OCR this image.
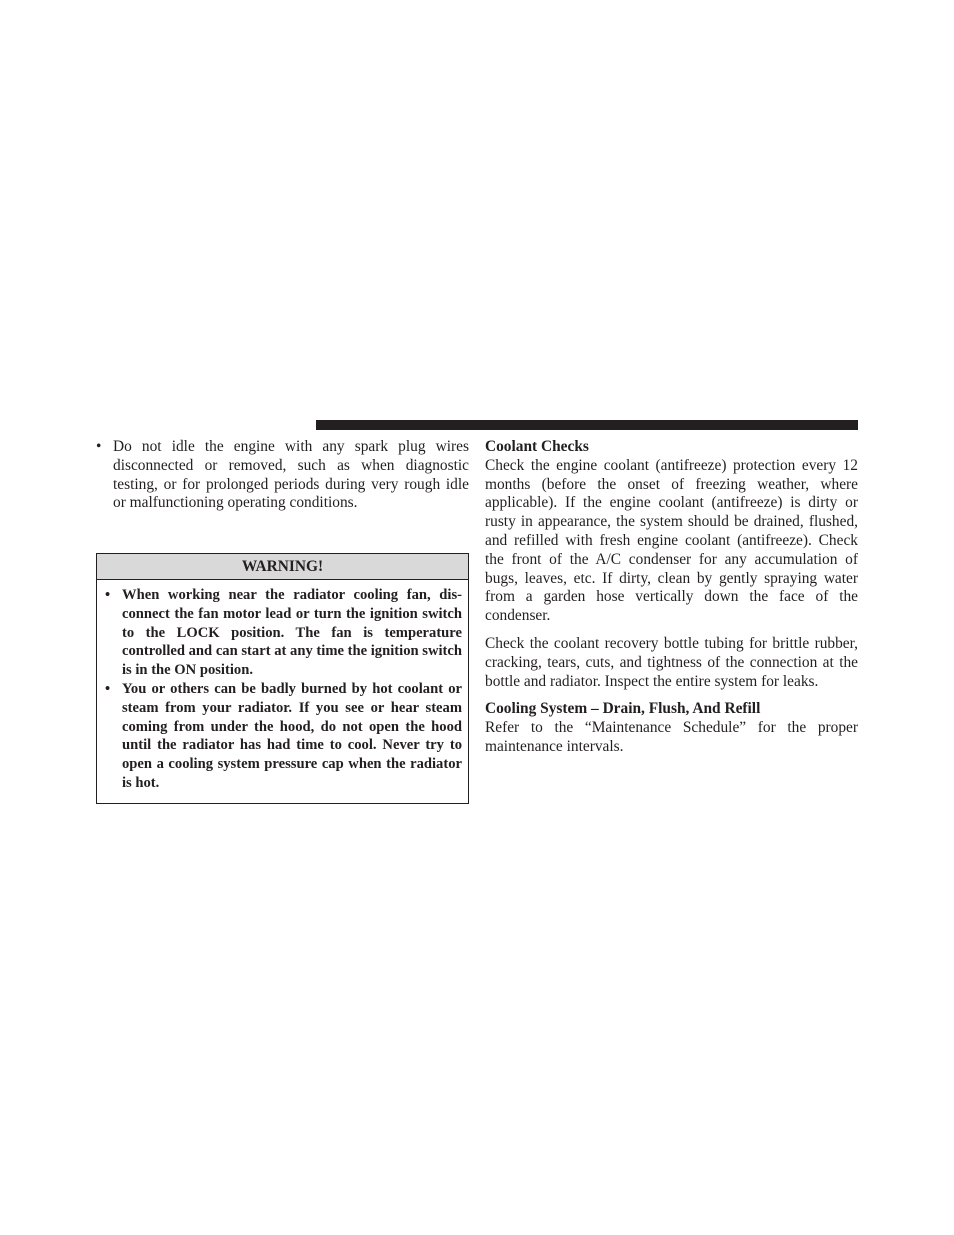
• Do not idle the engine with any spark plug wires disconnected or removed, such as when diagnostic testing, or for prolonged periods during very rough idle or malfunctioning operating conditions.
WARNING!
• When working near the radiator cooling fan, disconnect the fan motor lead or turn the ignition switch to the LOCK position. The fan is temperature controlled and can start at any time the ignition switch is in the ON position.
• You or others can be badly burned by hot coolant or steam from your radiator. If you see or hear steam coming from under the hood, do not open the hood until the radiator has had time to cool. Never try to open a cooling system pressure cap when the radiator is hot.
Coolant Checks

Check the engine coolant (antifreeze) protection every 12 months (before the onset of freezing weather, where applicable). If the engine coolant (antifreeze) is dirty or rusty in appearance, the system should be drained, flushed, and refilled with fresh engine coolant (antifreeze). Check the front of the A/C condenser for any accumulation of bugs, leaves, etc. If dirty, clean by gently spraying water from a garden hose vertically down the face of the condenser.

Check the coolant recovery bottle tubing for brittle rubber, cracking, tears, cuts, and tightness of the connection at the bottle and radiator. Inspect the entire system for leaks.

Cooling System – Drain, Flush, And Refill

Refer to the “Maintenance Schedule” for the proper maintenance intervals.
